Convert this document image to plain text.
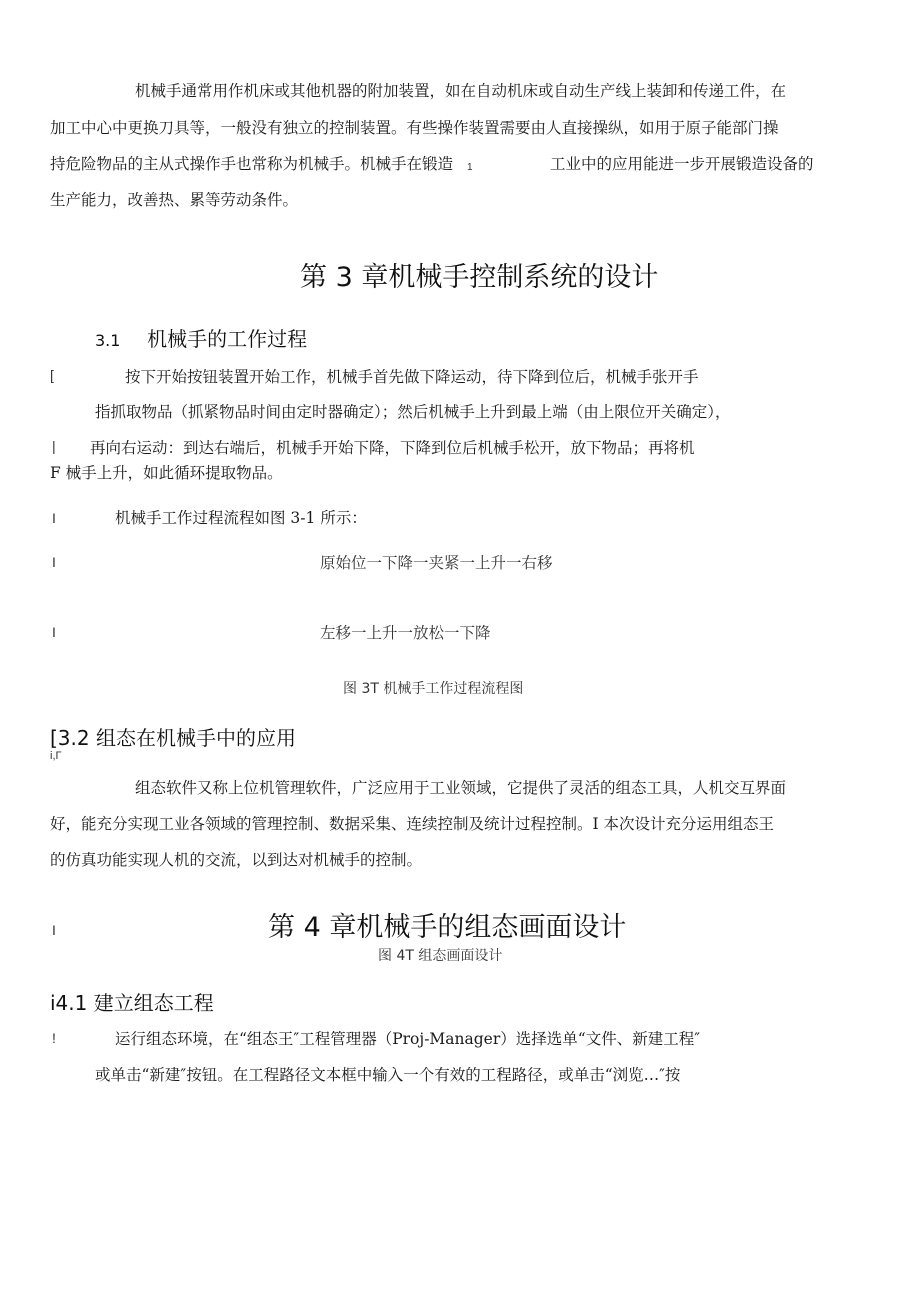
机械手通常用作机床或其他机器的附加装置，如在自动机床或自动生产线上装卸和传递工件，在
加工中心中更换刀具等，一般没有独立的控制装置。有些操作装置需要由人直接操纵，如用于原子能部门操
持危险物品的主从式操作手也常称为机械手。机械手在锻造 1	工业中的应用能进一步开展锻造设备的
生产能力，改善热、累等劳动条件。
第 3 章机械手控制系统的设计
3.1 机械手的工作过程
[	按下开始按钮装置开始工作，机械手首先做下降运动，待下降到位后，机械手张开手
指抓取物品（抓紧物品时间由定时器确定）；然后机械手上升到最上端（由上限位开关确定），
| 再向右运动：到达右端后，机械手开始下降，下降到位后机械手松开，放下物品；再将机
F 械手上升，如此循环提取物品。
I	机械手工作过程流程如图 3-1 所示：
I	原始位一下降一夹紧一上升一右移
I	左移一上升一放松一下降
图 3T 机械手工作过程流程图
[3.2 组态在机械手中的应用
i,Γ
组态软件又称上位机管理软件，广泛应用于工业领域，它提供了灵活的组态工具，人机交互界面
好，能充分实现工业各领域的管理控制、数据采集、连续控制及统计过程控制。I 本次设计充分运用组态王
的仿真功能实现人机的交流，以到达对机械手的控制。
I	第 4 章机械手的组态画面设计
图 4T 组态画面设计
i4.1 建立组态工程
!	运行组态环境，在“组态王″工程管理器（Proj-Manager）选择选单“文件、新建工程″
或单击“新建″按钮。在工程路径文本框中输入一个有效的工程路径，或单击“浏览…″按
